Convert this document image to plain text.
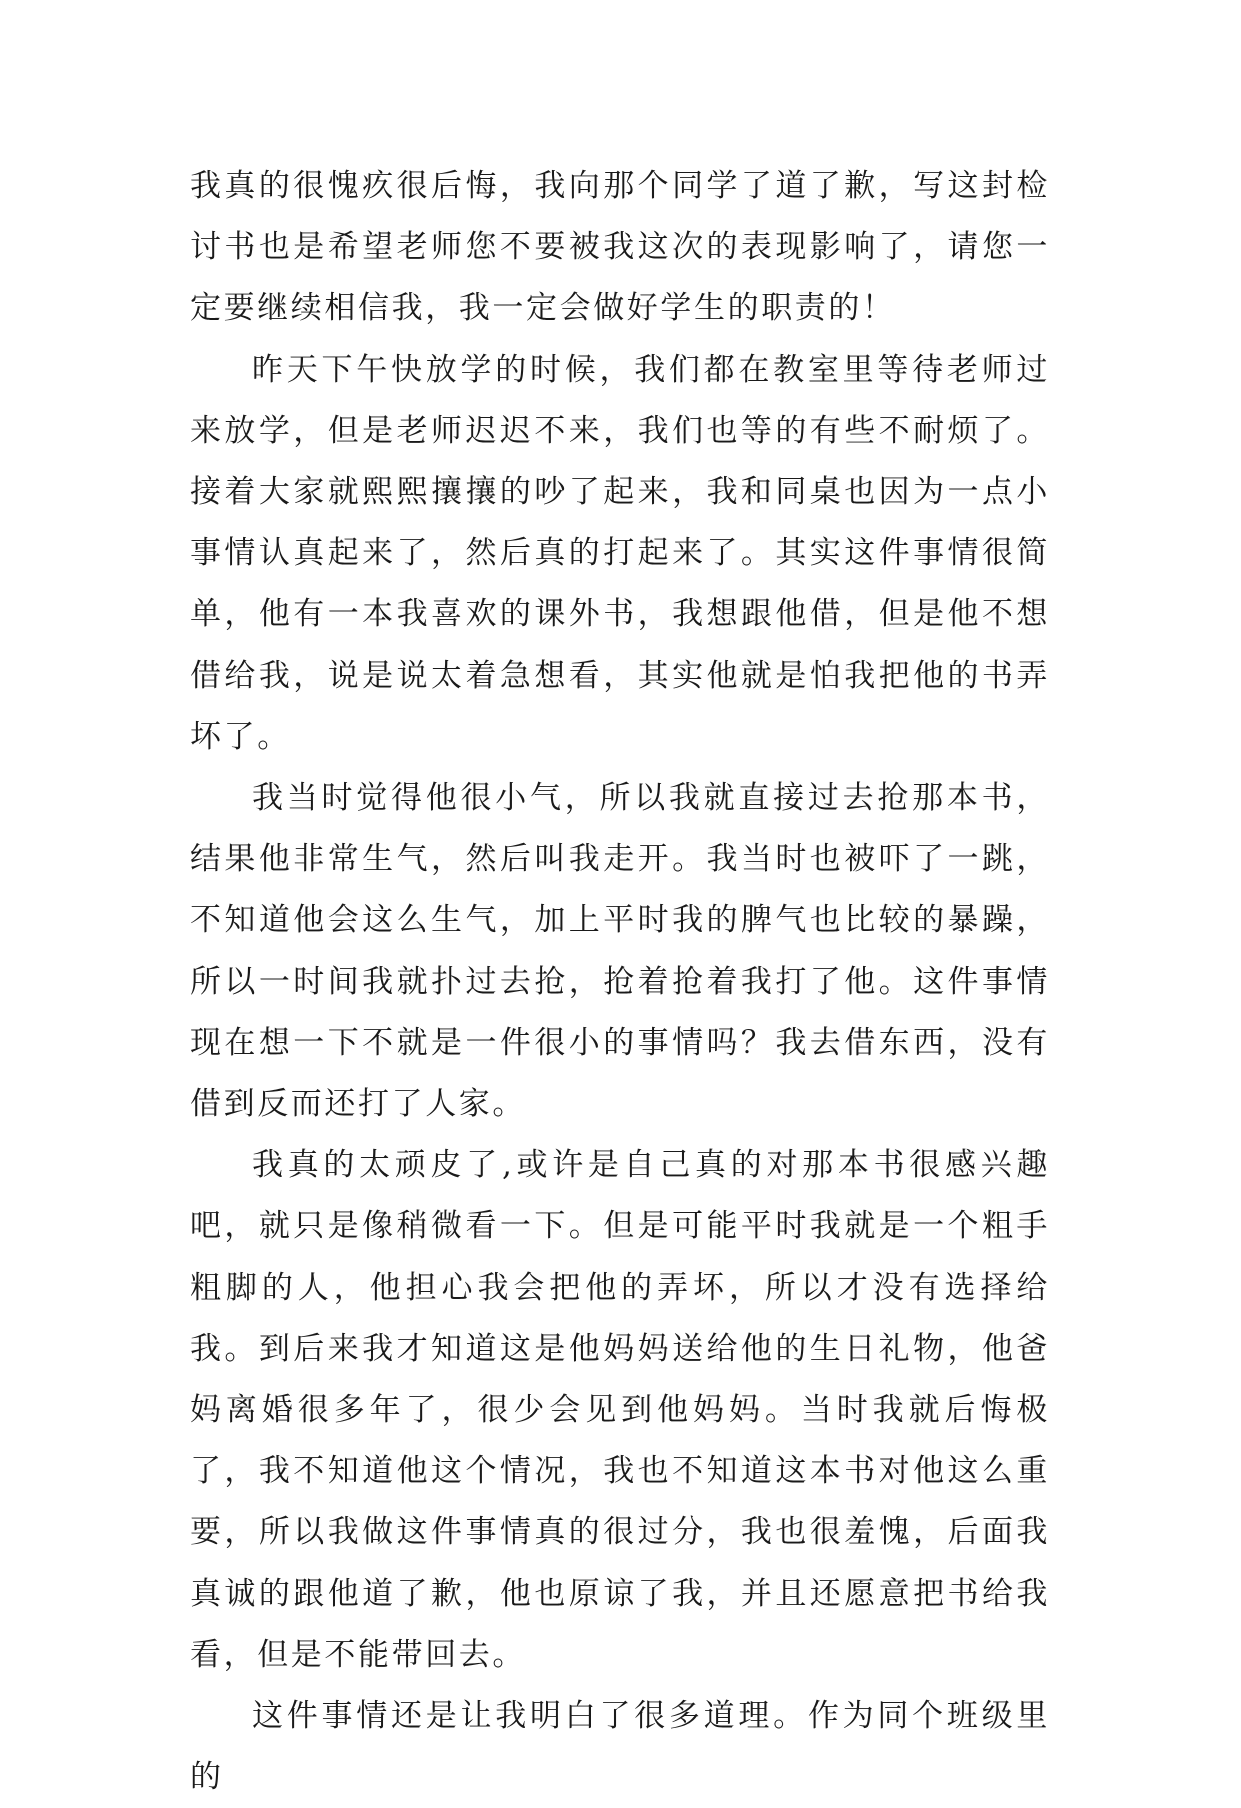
我真的很愧疚很后悔，我向那个同学了道了歉，写这封检讨书也是希望老师您不要被我这次的表现影响了，请您一定要继续相信我，我一定会做好学生的职责的！

昨天下午快放学的时候，我们都在教室里等待老师过来放学，但是老师迟迟不来，我们也等的有些不耐烦了。接着大家就熙熙攘攘的吵了起来，我和同桌也因为一点小事情认真起来了，然后真的打起来了。其实这件事情很简单，他有一本我喜欢的课外书，我想跟他借，但是他不想借给我，说是说太着急想看，其实他就是怕我把他的书弄坏了。

我当时觉得他很小气，所以我就直接过去抢那本书，结果他非常生气，然后叫我走开。我当时也被吓了一跳，不知道他会这么生气，加上平时我的脾气也比较的暴躁，所以一时间我就扑过去抢，抢着抢着我打了他。这件事情现在想一下不就是一件很小的事情吗？我去借东西，没有借到反而还打了人家。

我真的太顽皮了,或许是自己真的对那本书很感兴趣吧，就只是像稍微看一下。但是可能平时我就是一个粗手粗脚的人，他担心我会把他的弄坏，所以才没有选择给我。到后来我才知道这是他妈妈送给他的生日礼物，他爸妈离婚很多年了，很少会见到他妈妈。当时我就后悔极了，我不知道他这个情况，我也不知道这本书对他这么重要，所以我做这件事情真的很过分，我也很羞愧，后面我真诚的跟他道了歉，他也原谅了我，并且还愿意把书给我看，但是不能带回去。

这件事情还是让我明白了很多道理。作为同个班级里的
